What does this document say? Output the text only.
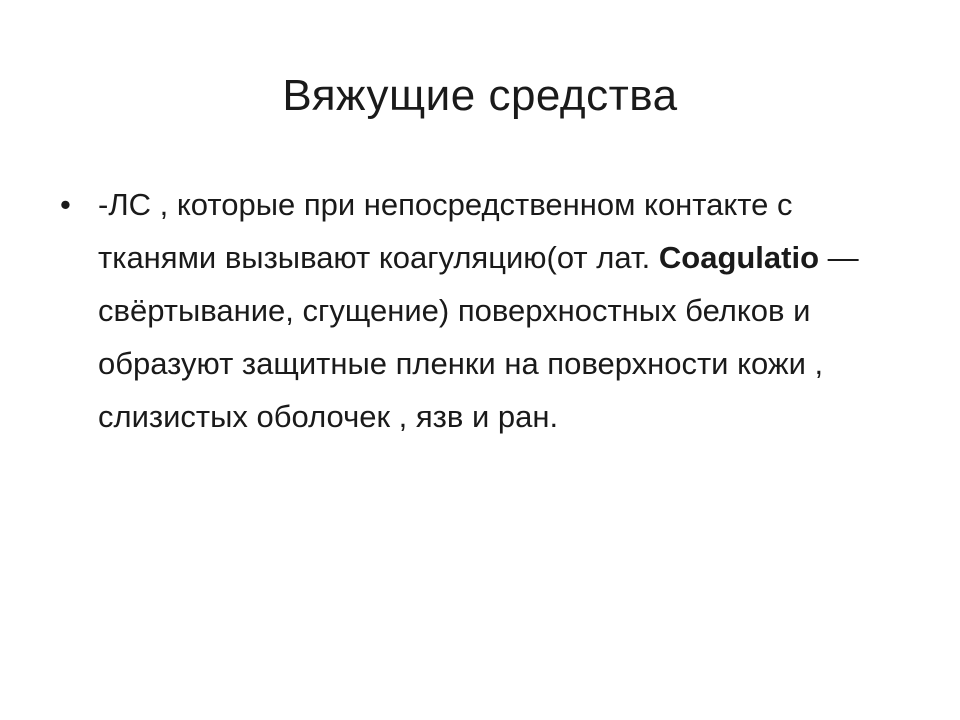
Вяжущие средства
• -ЛС , которые при непосредственном контакте с тканями вызывают коагуляцию(от лат. Coagulatio — свёртывание, сгущение) поверхностных белков и образуют защитные пленки на поверхности кожи , слизистых оболочек , язв и ран.
